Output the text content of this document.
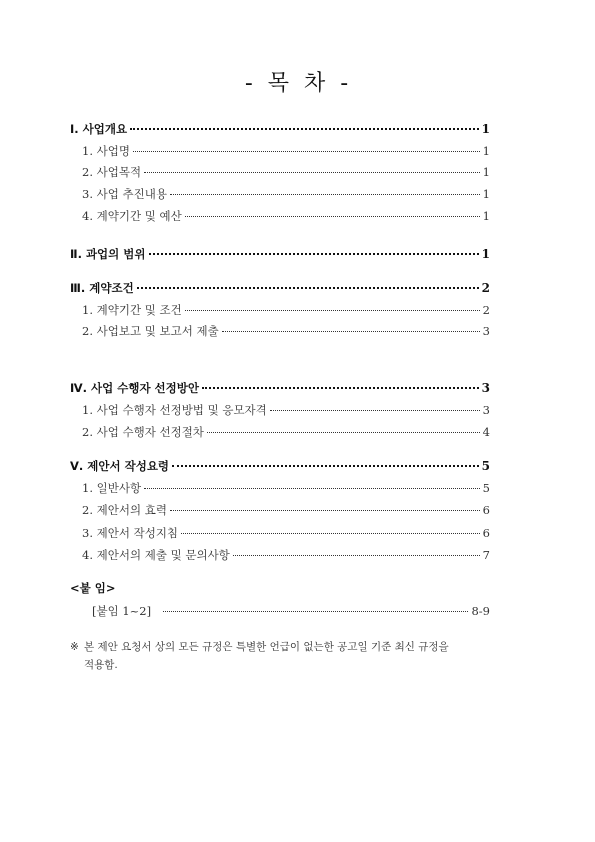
- 목 차 -
Ⅰ. 사업개요	1
1. 사업명	1
2. 사업목적	1
3. 사업 추진내용	1
4. 계약기간 및 예산	1
Ⅱ. 과업의 범위	1
Ⅲ. 계약조건	2
1. 계약기간 및 조건	2
2. 사업보고 및 보고서 제출	3
Ⅳ. 사업 수행자 선정방안	3
1. 사업 수행자 선정방법 및 응모자격	3
2. 사업 수행자 선정절차	4
Ⅴ. 제안서 작성요령	5
1. 일반사항	5
2. 제안서의 효력	6
3. 제안서 작성지침	6
4. 제안서의 제출 및 문의사항	7
[붙임 1~2]	8-9
<붙 임>
※ 본 제안 요청서 상의 모든 규정은 특별한 언급이 없는한 공고일 기준 최신 규정을
적용함.
